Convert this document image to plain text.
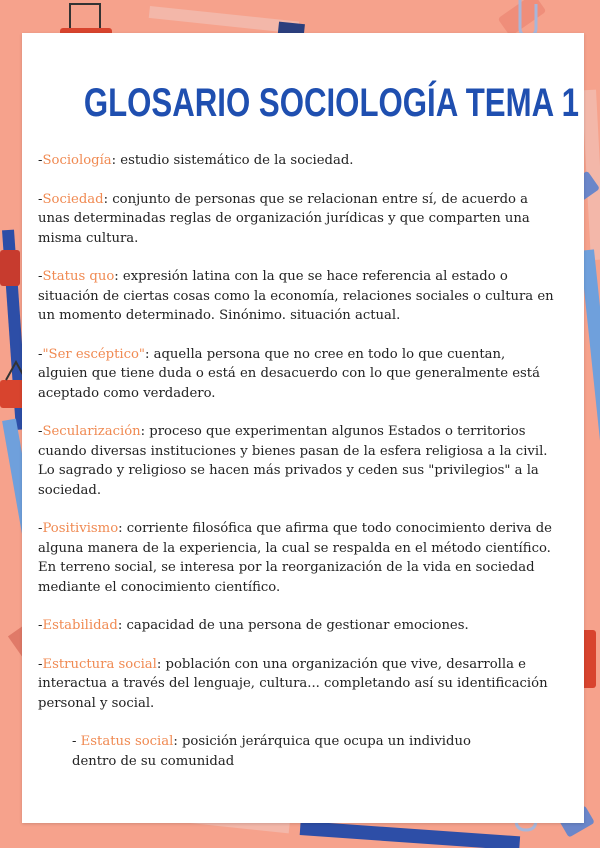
GLOSARIO SOCIOLOGÍA TEMA 1

-Sociología: estudio sistemático de la sociedad.

-Sociedad: conjunto de personas que se relacionan entre sí, de acuerdo a unas determinadas reglas de organización jurídicas y que comparten una misma cultura.

-Status quo: expresión latina con la que se hace referencia al estado o situación de ciertas cosas como la economía, relaciones sociales o cultura en un momento determinado. Sinónimo. situación actual.

-"Ser escéptico": aquella persona que no cree en todo lo que cuentan, alguien que tiene duda o está en desacuerdo con lo que generalmente está aceptado como verdadero.

-Secularización: proceso que experimentan algunos Estados o territorios cuando diversas instituciones y bienes pasan de la esfera religiosa a la civil. Lo sagrado y religioso se hacen más privados y ceden sus "privilegios" a la sociedad.

-Positivismo: corriente filosófica que afirma que todo conocimiento deriva de alguna manera de la experiencia, la cual se respalda en el método científico. En terreno social, se interesa por la reorganización de la vida en sociedad mediante el conocimiento científico.

-Estabilidad: capacidad de una persona de gestionar emociones.

-Estructura social: población con una organización que vive, desarrolla e interactua a través del lenguaje, cultura... completando así su identificación personal y social.

- Estatus social: posición jerárquica que ocupa un individuo dentro de su comunidad
